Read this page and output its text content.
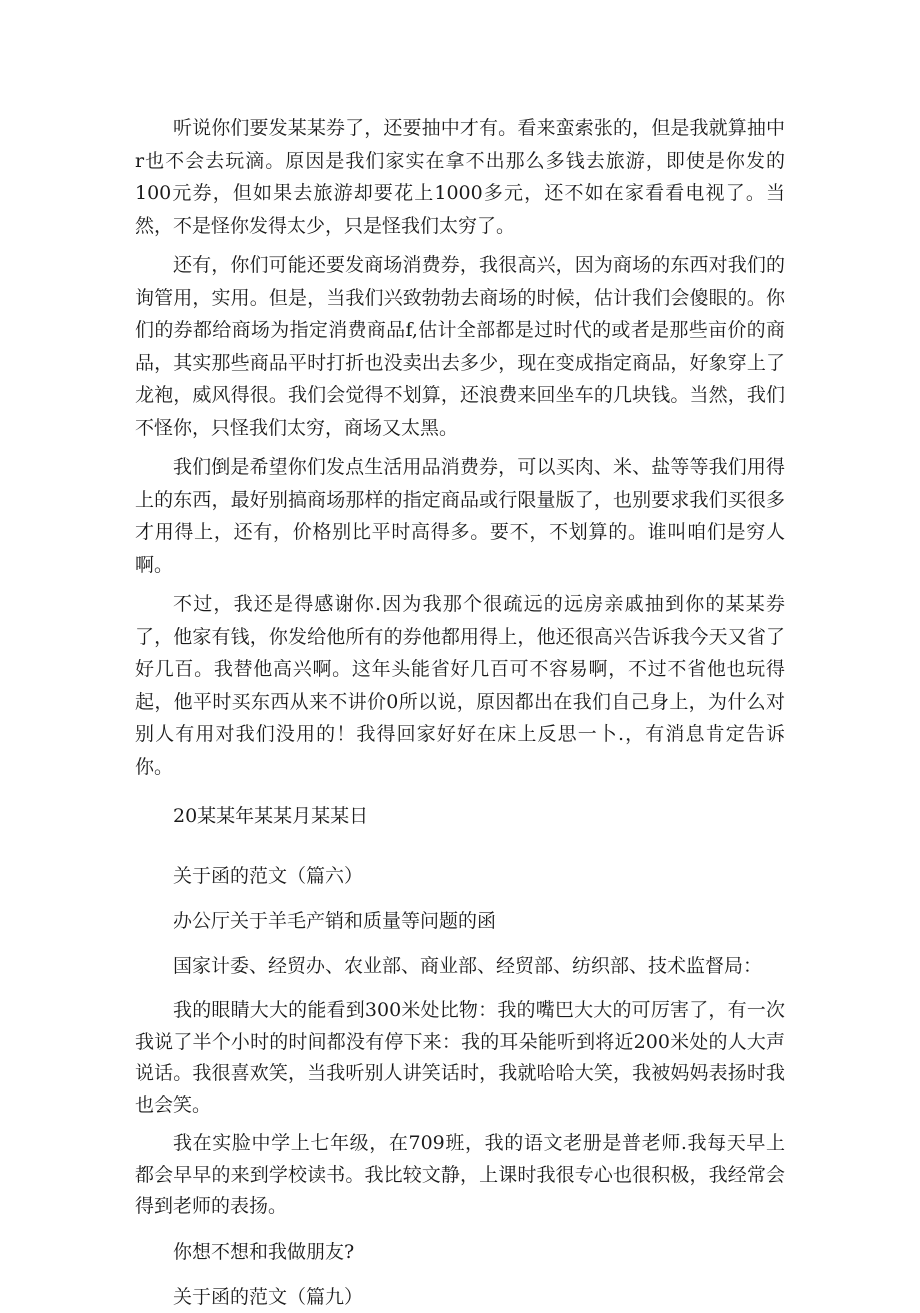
听说你们要发某某券了，还要抽中才有。看来蛮索张的，但是我就算抽中r也不会去玩滴。原因是我们家实在拿不出那么多钱去旅游，即使是你发的100元券，但如果去旅游却要花上1000多元，还不如在家看看电视了。当然，不是怪你发得太少，只是怪我们太穷了。

还有，你们可能还要发商场消费券，我很高兴，因为商场的东西对我们的询管用，实用。但是，当我们兴致勃勃去商场的时候，估计我们会傻眼的。你们的券都给商场为指定消费商品f,估计全部都是过时代的或者是那些亩价的商品，其实那些商品平时打折也没卖出去多少，现在变成指定商品，好象穿上了龙袍，威风得很。我们会觉得不划算，还浪费来回坐车的几块钱。当然，我们不怪你，只怪我们太穷，商场又太黑。

我们倒是希望你们发点生活用品消费券，可以买肉、米、盐等等我们用得上的东西，最好别搞商场那样的指定商品或行限量版了，也别要求我们买很多才用得上，还有，价格别比平时高得多。要不，不划算的。谁叫咱们是穷人啊。

不过，我还是得感谢你.因为我那个很疏远的远房亲戚抽到你的某某券了，他家有钱，你发给他所有的券他都用得上，他还很高兴告诉我今天又省了好几百。我替他高兴啊。这年头能省好几百可不容易啊，不过不省他也玩得起，他平时买东西从来不讲价0所以说，原因都出在我们自己身上，为什么对别人有用对我们没用的！我得回家好好在床上反思一卜.，有消息肯定告诉你。

20某某年某某月某某日

关于函的范文（篇六）

办公厅关于羊毛产销和质量等问题的函

国家计委、经贸办、农业部、商业部、经贸部、纺织部、技术监督局：

我的眼睛大大的能看到300米处比物：我的嘴巴大大的可厉害了，有一次我说了半个小时的时间都没有停下来：我的耳朵能听到将近200米处的人大声说话。我很喜欢笑，当我听别人讲笑话时，我就哈哈大笑，我被妈妈表扬时我也会笑。

我在实脸中学上七年级，在709班，我的语文老册是普老师.我每天早上都会早早的来到学校读书。我比较文静，上课时我很专心也很积极，我经常会得到老师的表扬。

你想不想和我做朋友?

关于函的范文（篇九）
